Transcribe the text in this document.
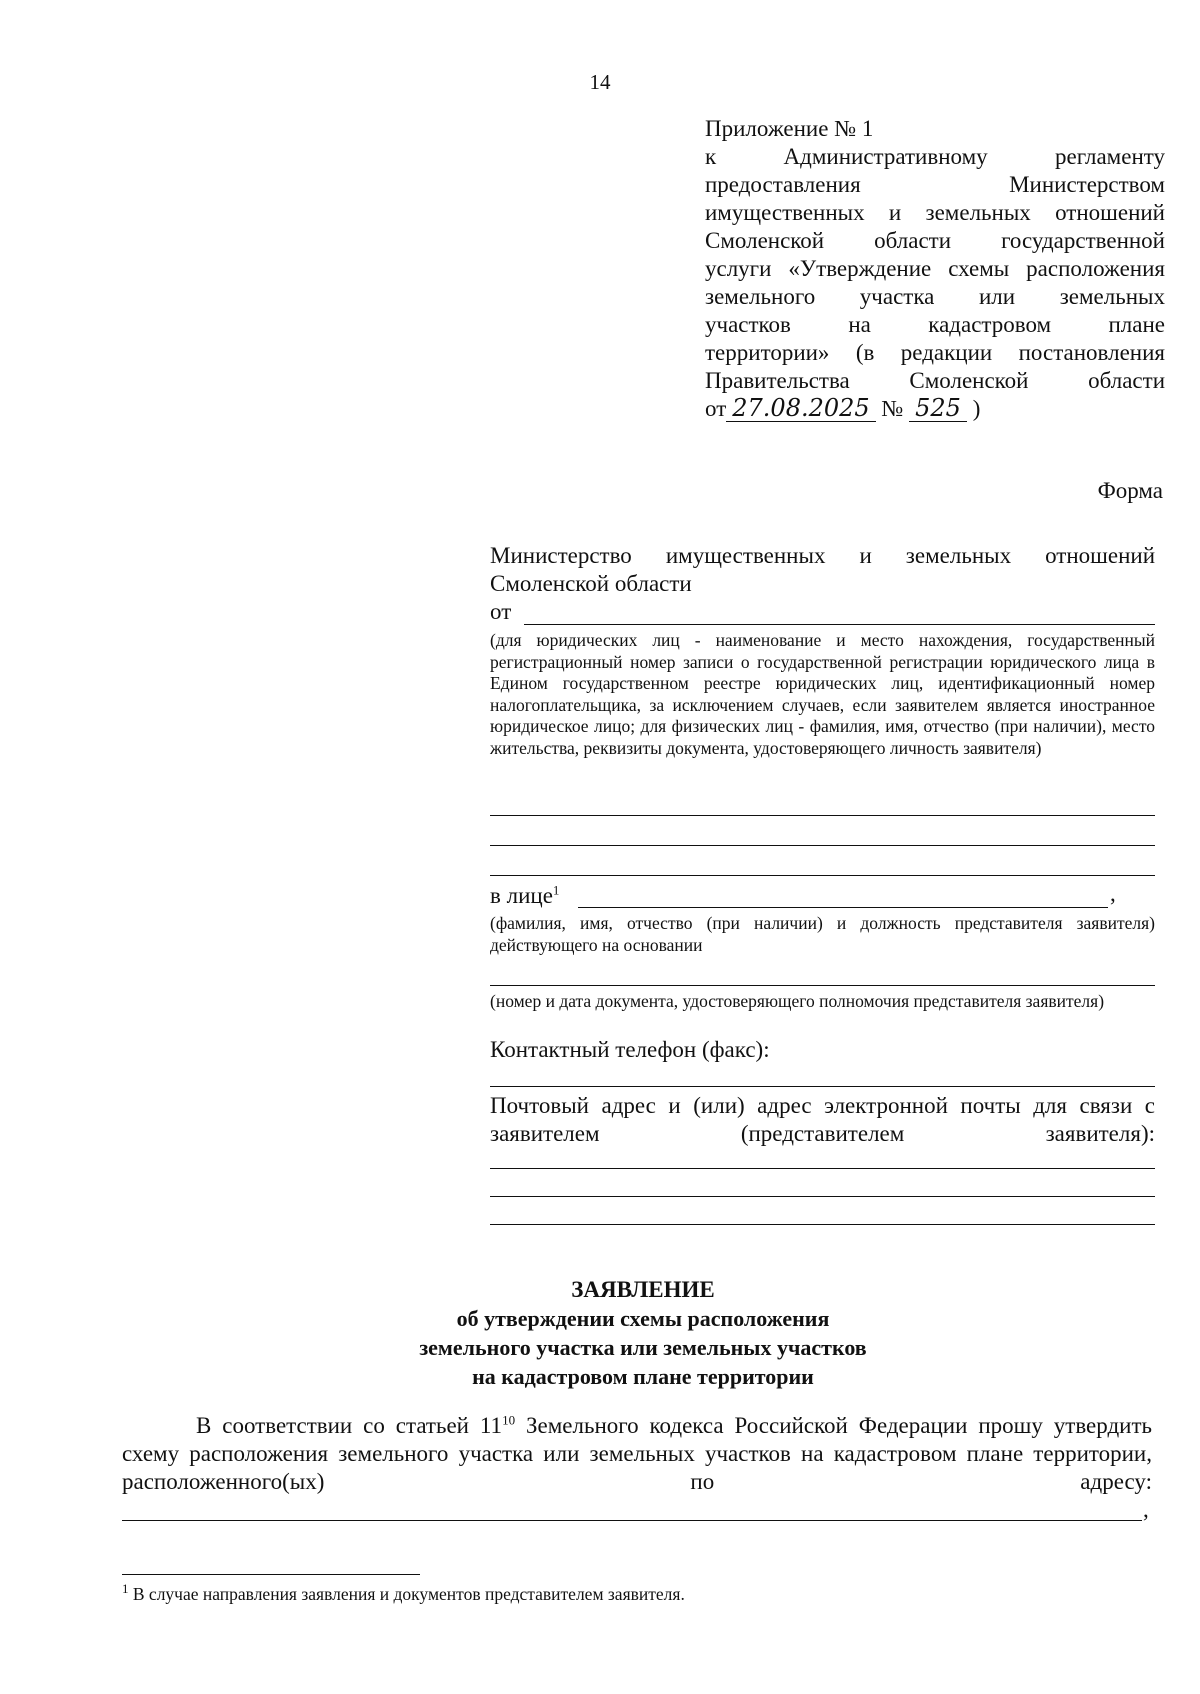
14
Приложение № 1
к Административному регламенту
предоставления Министерством
имущественных и земельных отношений
Смоленской области государственной
услуги «Утверждение схемы расположения
земельного участка или земельных
участков на кадастровом плане
территории» (в редакции постановления
Правительства Смоленской области
от 27.08.2025 № 525 )
Форма
Министерство имущественных и земельных отношений
Смоленской области
от
(для юридических лиц - наименование и место нахождения, государственный регистрационный номер записи о государственной регистрации юридического лица в Едином государственном реестре юридических лиц, идентификационный номер налогоплательщика, за исключением случаев, если заявителем является иностранное юридическое лицо; для физических лиц - фамилия, имя, отчество (при наличии), место жительства, реквизиты документа, удостоверяющего личность заявителя)
в лице$^1$	,
(фамилия, имя, отчество (при наличии) и должность представителя заявителя) действующего на основании
(номер и дата документа, удостоверяющего полномочия представителя заявителя)
Контактный телефон (факс):
Почтовый адрес и (или) адрес электронной почты для связи с заявителем (представителем заявителя):
ЗАЯВЛЕНИЕ
об утверждении схемы расположения
земельного участка или земельных участков
на кадастровом плане территории
В соответствии со статьей $11^{10}$ Земельного кодекса Российской Федерации прошу утвердить схему расположения земельного участка или земельных участков на кадастровом плане территории, расположенного(ых) по адресу:
,
$^1$ В случае направления заявления и документов представителем заявителя.
